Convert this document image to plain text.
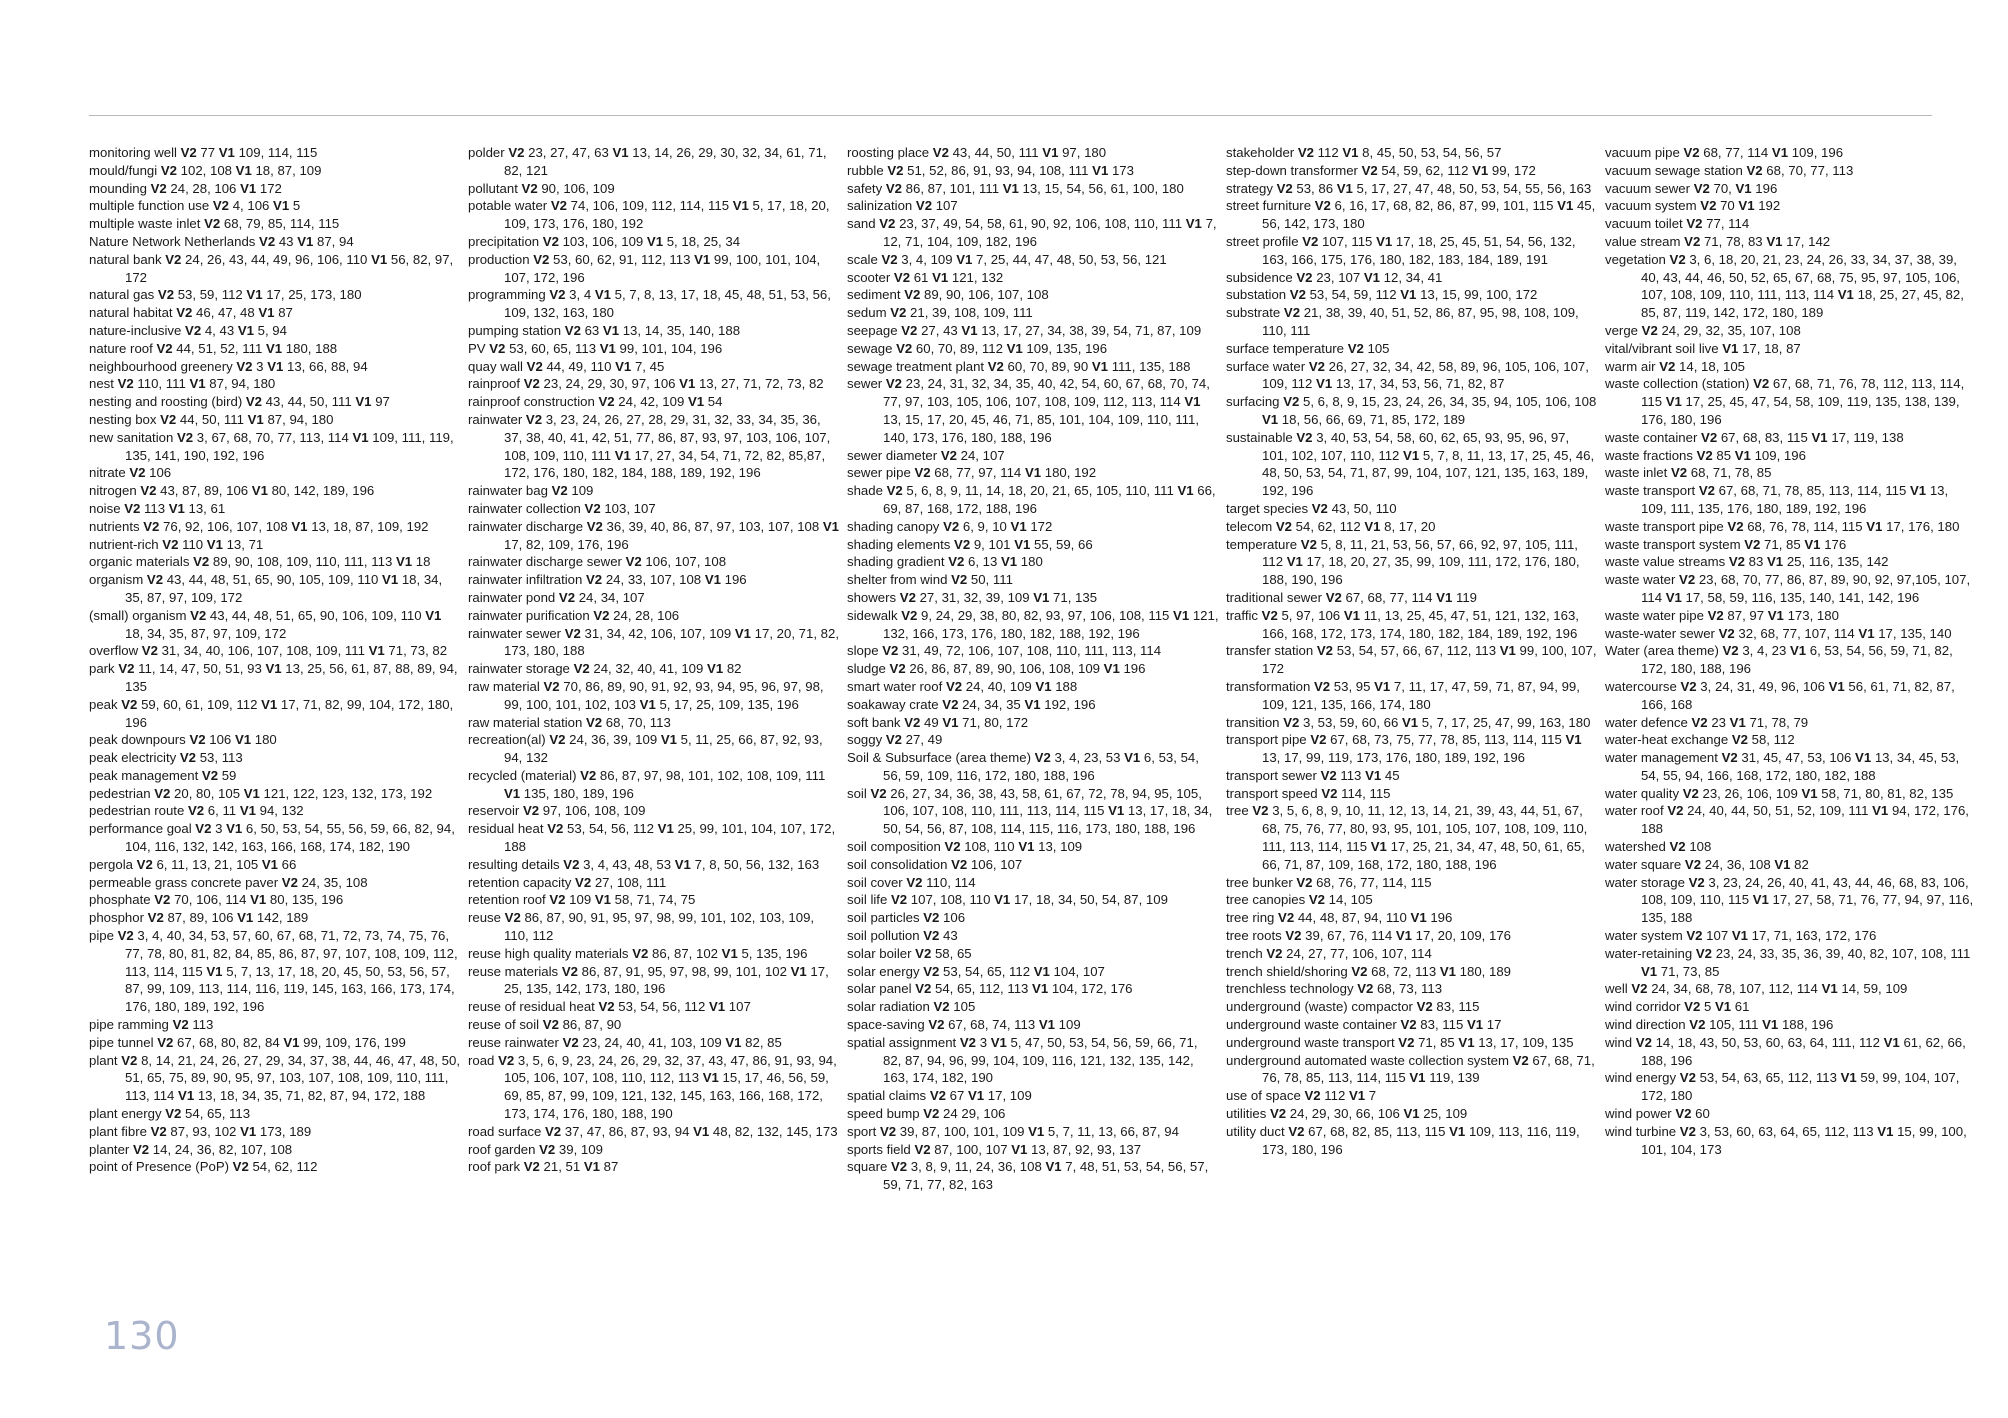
monitoring well V2 77 V1 109, 114, 115

mould/fungi V2 102, 108 V1 18, 87, 109

mounding V2 24, 28, 106 V1 172

multiple function use V2 4, 106 V1 5

multiple waste inlet V2 68, 79, 85, 114, 115

Nature Network Netherlands V2 43 V1 87, 94

natural bank V2 24, 26, 43, 44, 49, 96, 106, 110 V1 56, 82, 97, 172

natural gas V2 53, 59, 112 V1 17, 25, 173, 180

natural habitat V2 46, 47, 48 V1 87

nature-inclusive V2 4, 43 V1 5, 94

nature roof V2 44, 51, 52, 111 V1 180, 188

neighbourhood greenery V2 3 V1 13, 66, 88, 94

nest V2 110, 111 V1 87, 94, 180

nesting and roosting (bird) V2 43, 44, 50, 111 V1 97

nesting box V2 44, 50, 111 V1 87, 94, 180

new sanitation V2 3, 67, 68, 70, 77, 113, 114 V1 109, 111, 119, 135, 141, 190, 192, 196

nitrate V2 106

nitrogen V2 43, 87, 89, 106 V1 80, 142, 189, 196

noise V2 113 V1 13, 61

nutrients V2 76, 92, 106, 107, 108 V1 13, 18, 87, 109, 192

nutrient-rich V2 110 V1 13, 71

organic materials V2 89, 90, 108, 109, 110, 111, 113 V1 18

organism V2 43, 44, 48, 51, 65, 90, 105, 109, 110 V1 18, 34, 35, 87, 97, 109, 172

(small) organism V2 43, 44, 48, 51, 65, 90, 106, 109, 110 V1 18, 34, 35, 87, 97, 109, 172

overflow V2 31, 34, 40, 106, 107, 108, 109, 111 V1 71, 73, 82

park V2 11, 14, 47, 50, 51, 93 V1 13, 25, 56, 61, 87, 88, 89, 94, 135

peak V2 59, 60, 61, 109, 112 V1 17, 71, 82, 99, 104, 172, 180, 196

peak downpours V2 106 V1 180

peak electricity V2 53, 113

peak management V2 59

pedestrian V2 20, 80, 105 V1 121, 122, 123, 132, 173, 192

pedestrian route V2 6, 11 V1 94, 132

performance goal V2 3 V1 6, 50, 53, 54, 55, 56, 59, 66, 82, 94, 104, 116, 132, 142, 163, 166, 168, 174, 182, 190

pergola V2 6, 11, 13, 21, 105 V1 66

permeable grass concrete paver V2 24, 35, 108

phosphate V2 70, 106, 114 V1 80, 135, 196

phosphor V2 87, 89, 106 V1 142, 189

pipe V2 3, 4, 40, 34, 53, 57, 60, 67, 68, 71, 72, 73, 74, 75, 76, 77, 78, 80, 81, 82, 84, 85, 86, 87, 97, 107, 108, 109, 112, 113, 114, 115 V1 5, 7, 13, 17, 18, 20, 45, 50, 53, 56, 57, 87, 99, 109, 113, 114, 116, 119, 145, 163, 166, 173, 174, 176, 180, 189, 192, 196

pipe ramming V2 113

pipe tunnel V2 67, 68, 80, 82, 84 V1 99, 109, 176, 199

plant V2 8, 14, 21, 24, 26, 27, 29, 34, 37, 38, 44, 46, 47, 48, 50, 51, 65, 75, 89, 90, 95, 97, 103, 107, 108, 109, 110, 111, 113, 114 V1 13, 18, 34, 35, 71, 82, 87, 94, 172, 188

plant energy V2 54, 65, 113

plant fibre V2 87, 93, 102 V1 173, 189

planter V2 14, 24, 36, 82, 107, 108

point of Presence (PoP) V2 54, 62, 112

polder V2 23, 27, 47, 63 V1 13, 14, 26, 29, 30, 32, 34, 61, 71, 82, 121

pollutant V2 90, 106, 109

potable water V2 74, 106, 109, 112, 114, 115 V1 5, 17, 18, 20, 109, 173, 176, 180, 192

precipitation V2 103, 106, 109 V1 5, 18, 25, 34

production V2 53, 60, 62, 91, 112, 113 V1 99, 100, 101, 104, 107, 172, 196

programming V2 3, 4 V1 5, 7, 8, 13, 17, 18, 45, 48, 51, 53, 56, 109, 132, 163, 180

pumping station V2 63 V1 13, 14, 35, 140, 188

PV V2 53, 60, 65, 113 V1 99, 101, 104, 196

quay wall V2 44, 49, 110 V1 7, 45

rainproof V2 23, 24, 29, 30, 97, 106 V1 13, 27, 71, 72, 73, 82

rainproof construction V2 24, 42, 109 V1 54

rainwater V2 3, 23, 24, 26, 27, 28, 29, 31, 32, 33, 34, 35, 36, 37, 38, 40, 41, 42, 51, 77, 86, 87, 93, 97, 103, 106, 107, 108, 109, 110, 111 V1 17, 27, 34, 54, 71, 72, 82, 85,87, 172, 176, 180, 182, 184, 188, 189, 192, 196

rainwater bag V2 109

rainwater collection V2 103, 107

rainwater discharge V2 36, 39, 40, 86, 87, 97, 103, 107, 108 V1 17, 82, 109, 176, 196

rainwater discharge sewer V2 106, 107, 108

rainwater infiltration V2 24, 33, 107, 108 V1 196

rainwater pond V2 24, 34, 107

rainwater purification V2 24, 28, 106

rainwater sewer V2 31, 34, 42, 106, 107, 109 V1 17, 20, 71, 82, 173, 180, 188

rainwater storage V2 24, 32, 40, 41, 109 V1 82

raw material V2 70, 86, 89, 90, 91, 92, 93, 94, 95, 96, 97, 98, 99, 100, 101, 102, 103 V1 5, 17, 25, 109, 135, 196

raw material station V2 68, 70, 113

recreation(al) V2 24, 36, 39, 109 V1 5, 11, 25, 66, 87, 92, 93, 94, 132

recycled (material) V2 86, 87, 97, 98, 101, 102, 108, 109, 111 V1 135, 180, 189, 196

reservoir V2 97, 106, 108, 109

residual heat V2 53, 54, 56, 112 V1 25, 99, 101, 104, 107, 172, 188

resulting details V2 3, 4, 43, 48, 53 V1 7, 8, 50, 56, 132, 163

retention capacity V2 27, 108, 111

retention roof V2 109 V1 58, 71, 74, 75

reuse V2 86, 87, 90, 91, 95, 97, 98, 99, 101, 102, 103, 109, 110, 112

reuse high quality materials V2 86, 87, 102 V1 5, 135, 196

reuse materials V2 86, 87, 91, 95, 97, 98, 99, 101, 102 V1 17, 25, 135, 142, 173, 180, 196

reuse of residual heat V2 53, 54, 56, 112 V1 107

reuse of soil V2 86, 87, 90

reuse rainwater V2 23, 24, 40, 41, 103, 109 V1 82, 85

road V2 3, 5, 6, 9, 23, 24, 26, 29, 32, 37, 43, 47, 86, 91, 93, 94, 105, 106, 107, 108, 110, 112, 113 V1 15, 17, 46, 56, 59, 69, 85, 87, 99, 109, 121, 132, 145, 163, 166, 168, 172, 173, 174, 176, 180, 188, 190

road surface V2 37, 47, 86, 87, 93, 94 V1 48, 82, 132, 145, 173

roof garden V2 39, 109

roof park V2 21, 51 V1 87

roosting place V2 43, 44, 50, 111 V1 97, 180

rubble V2 51, 52, 86, 91, 93, 94, 108, 111 V1 173

safety V2 86, 87, 101, 111 V1 13, 15, 54, 56, 61, 100, 180

salinization V2 107

sand V2 23, 37, 49, 54, 58, 61, 90, 92, 106, 108, 110, 111 V1 7, 12, 71, 104, 109, 182, 196

scale V2 3, 4, 109 V1 7, 25, 44, 47, 48, 50, 53, 56, 121

scooter V2 61 V1 121, 132

sediment V2 89, 90, 106, 107, 108

sedum V2 21, 39, 108, 109, 111

seepage V2 27, 43 V1 13, 17, 27, 34, 38, 39, 54, 71, 87, 109

sewage V2 60, 70, 89, 112 V1 109, 135, 196

sewage treatment plant V2 60, 70, 89, 90 V1 111, 135, 188

sewer V2 23, 24, 31, 32, 34, 35, 40, 42, 54, 60, 67, 68, 70, 74, 77, 97, 103, 105, 106, 107, 108, 109, 112, 113, 114 V1 13, 15, 17, 20, 45, 46, 71, 85, 101, 104, 109, 110, 111, 140, 173, 176, 180, 188, 196

sewer diameter V2 24, 107

sewer pipe V2 68, 77, 97, 114 V1 180, 192

shade V2 5, 6, 8, 9, 11, 14, 18, 20, 21, 65, 105, 110, 111 V1 66, 69, 87, 168, 172, 188, 196

shading canopy V2 6, 9, 10 V1 172

shading elements V2 9, 101 V1 55, 59, 66

shading gradient V2 6, 13 V1 180

shelter from wind V2 50, 111

showers V2 27, 31, 32, 39, 109 V1 71, 135

sidewalk V2 9, 24, 29, 38, 80, 82, 93, 97, 106, 108, 115 V1 121, 132, 166, 173, 176, 180, 182, 188, 192, 196

slope V2 31, 49, 72, 106, 107, 108, 110, 111, 113, 114

sludge V2 26, 86, 87, 89, 90, 106, 108, 109 V1 196

smart water roof V2 24, 40, 109 V1 188

soakaway crate V2 24, 34, 35 V1 192, 196

soft bank V2 49 V1 71, 80, 172

soggy V2 27, 49

Soil & Subsurface (area theme) V2 3, 4, 23, 53 V1 6, 53, 54, 56, 59, 109, 116, 172, 180, 188, 196

soil V2 26, 27, 34, 36, 38, 43, 58, 61, 67, 72, 78, 94, 95, 105, 106, 107, 108, 110, 111, 113, 114, 115 V1 13, 17, 18, 34, 50, 54, 56, 87, 108, 114, 115, 116, 173, 180, 188, 196

soil composition V2 108, 110 V1 13, 109

soil consolidation V2 106, 107

soil cover V2 110, 114

soil life V2 107, 108, 110 V1 17, 18, 34, 50, 54, 87, 109

soil particles V2 106

soil pollution V2 43

solar boiler V2 58, 65

solar energy V2 53, 54, 65, 112 V1 104, 107

solar panel V2 54, 65, 112, 113 V1 104, 172, 176

solar radiation V2 105

space-saving V2 67, 68, 74, 113 V1 109

spatial assignment V2 3 V1 5, 47, 50, 53, 54, 56, 59, 66, 71, 82, 87, 94, 96, 99, 104, 109, 116, 121, 132, 135, 142, 163, 174, 182, 190

spatial claims V2 67 V1 17, 109

speed bump V2 24 29, 106

sport V2 39, 87, 100, 101, 109 V1 5, 7, 11, 13, 66, 87, 94

sports field V2 87, 100, 107 V1 13, 87, 92, 93, 137

square V2 3, 8, 9, 11, 24, 36, 108 V1 7, 48, 51, 53, 54, 56, 57, 59, 71, 77, 82, 163

stakeholder V2 112 V1 8, 45, 50, 53, 54, 56, 57

step-down transformer V2 54, 59, 62, 112 V1 99, 172

strategy V2 53, 86 V1 5, 17, 27, 47, 48, 50, 53, 54, 55, 56, 163

street furniture V2 6, 16, 17, 68, 82, 86, 87, 99, 101, 115 V1 45, 56, 142, 173, 180

street profile V2 107, 115 V1 17, 18, 25, 45, 51, 54, 56, 132, 163, 166, 175, 176, 180, 182, 183, 184, 189, 191

subsidence V2 23, 107 V1 12, 34, 41

substation V2 53, 54, 59, 112 V1 13, 15, 99, 100, 172

substrate V2 21, 38, 39, 40, 51, 52, 86, 87, 95, 98, 108, 109, 110, 111

surface temperature V2 105

surface water V2 26, 27, 32, 34, 42, 58, 89, 96, 105, 106, 107, 109, 112 V1 13, 17, 34, 53, 56, 71, 82, 87

surfacing V2 5, 6, 8, 9, 15, 23, 24, 26, 34, 35, 94, 105, 106, 108 V1 18, 56, 66, 69, 71, 85, 172, 189

sustainable V2 3, 40, 53, 54, 58, 60, 62, 65, 93, 95, 96, 97, 101, 102, 107, 110, 112 V1 5, 7, 8, 11, 13, 17, 25, 45, 46, 48, 50, 53, 54, 71, 87, 99, 104, 107, 121, 135, 163, 189, 192, 196

target species V2 43, 50, 110

telecom V2 54, 62, 112 V1 8, 17, 20

temperature V2 5, 8, 11, 21, 53, 56, 57, 66, 92, 97, 105, 111, 112 V1 17, 18, 20, 27, 35, 99, 109, 111, 172, 176, 180, 188, 190, 196

traditional sewer V2 67, 68, 77, 114 V1 119

traffic V2 5, 97, 106 V1 11, 13, 25, 45, 47, 51, 121, 132, 163, 166, 168, 172, 173, 174, 180, 182, 184, 189, 192, 196

transfer station V2 53, 54, 57, 66, 67, 112, 113 V1 99, 100, 107, 172

transformation V2 53, 95 V1 7, 11, 17, 47, 59, 71, 87, 94, 99, 109, 121, 135, 166, 174, 180

transition V2 3, 53, 59, 60, 66 V1 5, 7, 17, 25, 47, 99, 163, 180

transport pipe V2 67, 68, 73, 75, 77, 78, 85, 113, 114, 115 V1 13, 17, 99, 119, 173, 176, 180, 189, 192, 196

transport sewer V2 113 V1 45

transport speed V2 114, 115

tree V2 3, 5, 6, 8, 9, 10, 11, 12, 13, 14, 21, 39, 43, 44, 51, 67, 68, 75, 76, 77, 80, 93, 95, 101, 105, 107, 108, 109, 110, 111, 113, 114, 115 V1 17, 25, 21, 34, 47, 48, 50, 61, 65, 66, 71, 87, 109, 168, 172, 180, 188, 196

tree bunker V2 68, 76, 77, 114, 115

tree canopies V2 14, 105

tree ring V2 44, 48, 87, 94, 110 V1 196

tree roots V2 39, 67, 76, 114 V1 17, 20, 109, 176

trench V2 24, 27, 77, 106, 107, 114

trench shield/shoring V2 68, 72, 113 V1 180, 189

trenchless technology V2 68, 73, 113

underground (waste) compactor V2 83, 115

underground waste container V2 83, 115 V1 17

underground waste transport V2 71, 85 V1 13, 17, 109, 135

underground automated waste collection system V2 67, 68, 71, 76, 78, 85, 113, 114, 115 V1 119, 139

use of space V2 112 V1 7

utilities V2 24, 29, 30, 66, 106 V1 25, 109

utility duct V2 67, 68, 82, 85, 113, 115 V1 109, 113, 116, 119, 173, 180, 196

vacuum pipe V2 68, 77, 114 V1 109, 196

vacuum sewage station V2 68, 70, 77, 113

vacuum sewer V2 70, V1 196

vacuum system V2 70 V1 192

vacuum toilet V2 77, 114

value stream V2 71, 78, 83 V1 17, 142

vegetation V2 3, 6, 18, 20, 21, 23, 24, 26, 33, 34, 37, 38, 39, 40, 43, 44, 46, 50, 52, 65, 67, 68, 75, 95, 97, 105, 106, 107, 108, 109, 110, 111, 113, 114 V1 18, 25, 27, 45, 82, 85, 87, 119, 142, 172, 180, 189

verge V2 24, 29, 32, 35, 107, 108

vital/vibrant soil live V1 17, 18, 87

warm air V2 14, 18, 105

waste collection (station) V2 67, 68, 71, 76, 78, 112, 113, 114, 115 V1 17, 25, 45, 47, 54, 58, 109, 119, 135, 138, 139, 176, 180, 196

waste container V2 67, 68, 83, 115 V1 17, 119, 138

waste fractions V2 85 V1 109, 196

waste inlet V2 68, 71, 78, 85

waste transport V2 67, 68, 71, 78, 85, 113, 114, 115 V1 13, 109, 111, 135, 176, 180, 189, 192, 196

waste transport pipe V2 68, 76, 78, 114, 115 V1 17, 176, 180

waste transport system V2 71, 85 V1 176

waste value streams V2 83 V1 25, 116, 135, 142

waste water V2 23, 68, 70, 77, 86, 87, 89, 90, 92, 97,105, 107, 114 V1 17, 58, 59, 116, 135, 140, 141, 142, 196

waste water pipe V2 87, 97 V1 173, 180

waste-water sewer V2 32, 68, 77, 107, 114 V1 17, 135, 140

Water (area theme) V2 3, 4, 23 V1 6, 53, 54, 56, 59, 71, 82, 172, 180, 188, 196

watercourse V2 3, 24, 31, 49, 96, 106 V1 56, 61, 71, 82, 87, 166, 168

water defence V2 23 V1 71, 78, 79

water-heat exchange V2 58, 112

water management V2 31, 45, 47, 53, 106 V1 13, 34, 45, 53, 54, 55, 94, 166, 168, 172, 180, 182, 188

water quality V2 23, 26, 106, 109 V1 58, 71, 80, 81, 82, 135

water roof V2 24, 40, 44, 50, 51, 52, 109, 111 V1 94, 172, 176, 188

watershed V2 108

water square V2 24, 36, 108 V1 82

water storage V2 3, 23, 24, 26, 40, 41, 43, 44, 46, 68, 83, 106, 108, 109, 110, 115 V1 17, 27, 58, 71, 76, 77, 94, 97, 116, 135, 188

water system V2 107 V1 17, 71, 163, 172, 176

water-retaining V2 23, 24, 33, 35, 36, 39, 40, 82, 107, 108, 111 V1 71, 73, 85

well V2 24, 34, 68, 78, 107, 112, 114 V1 14, 59, 109

wind corridor V2 5 V1 61

wind direction V2 105, 111 V1 188, 196

wind V2 14, 18, 43, 50, 53, 60, 63, 64, 111, 112 V1 61, 62, 66, 188, 196

wind energy V2 53, 54, 63, 65, 112, 113 V1 59, 99, 104, 107, 172, 180

wind power V2 60

wind turbine V2 3, 53, 60, 63, 64, 65, 112, 113 V1 15, 99, 100, 101, 104, 173

130
